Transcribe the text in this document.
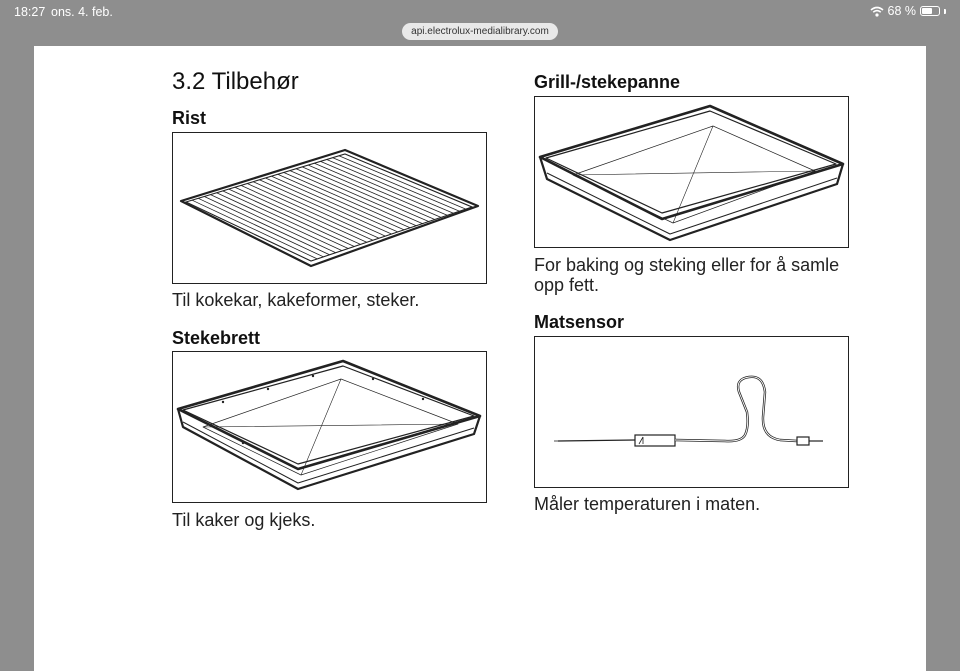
18:27 ons. 4. feb.	68 %
api.electrolux-medialibrary.com
3.2 Tilbehør
Rist
Til kokekar, kakeformer, steker.
Stekebrett
Til kaker og kjeks.
Grill-/stekepanne
For baking og steking eller for å samle opp fett.
Matsensor
Måler temperaturen i maten.
